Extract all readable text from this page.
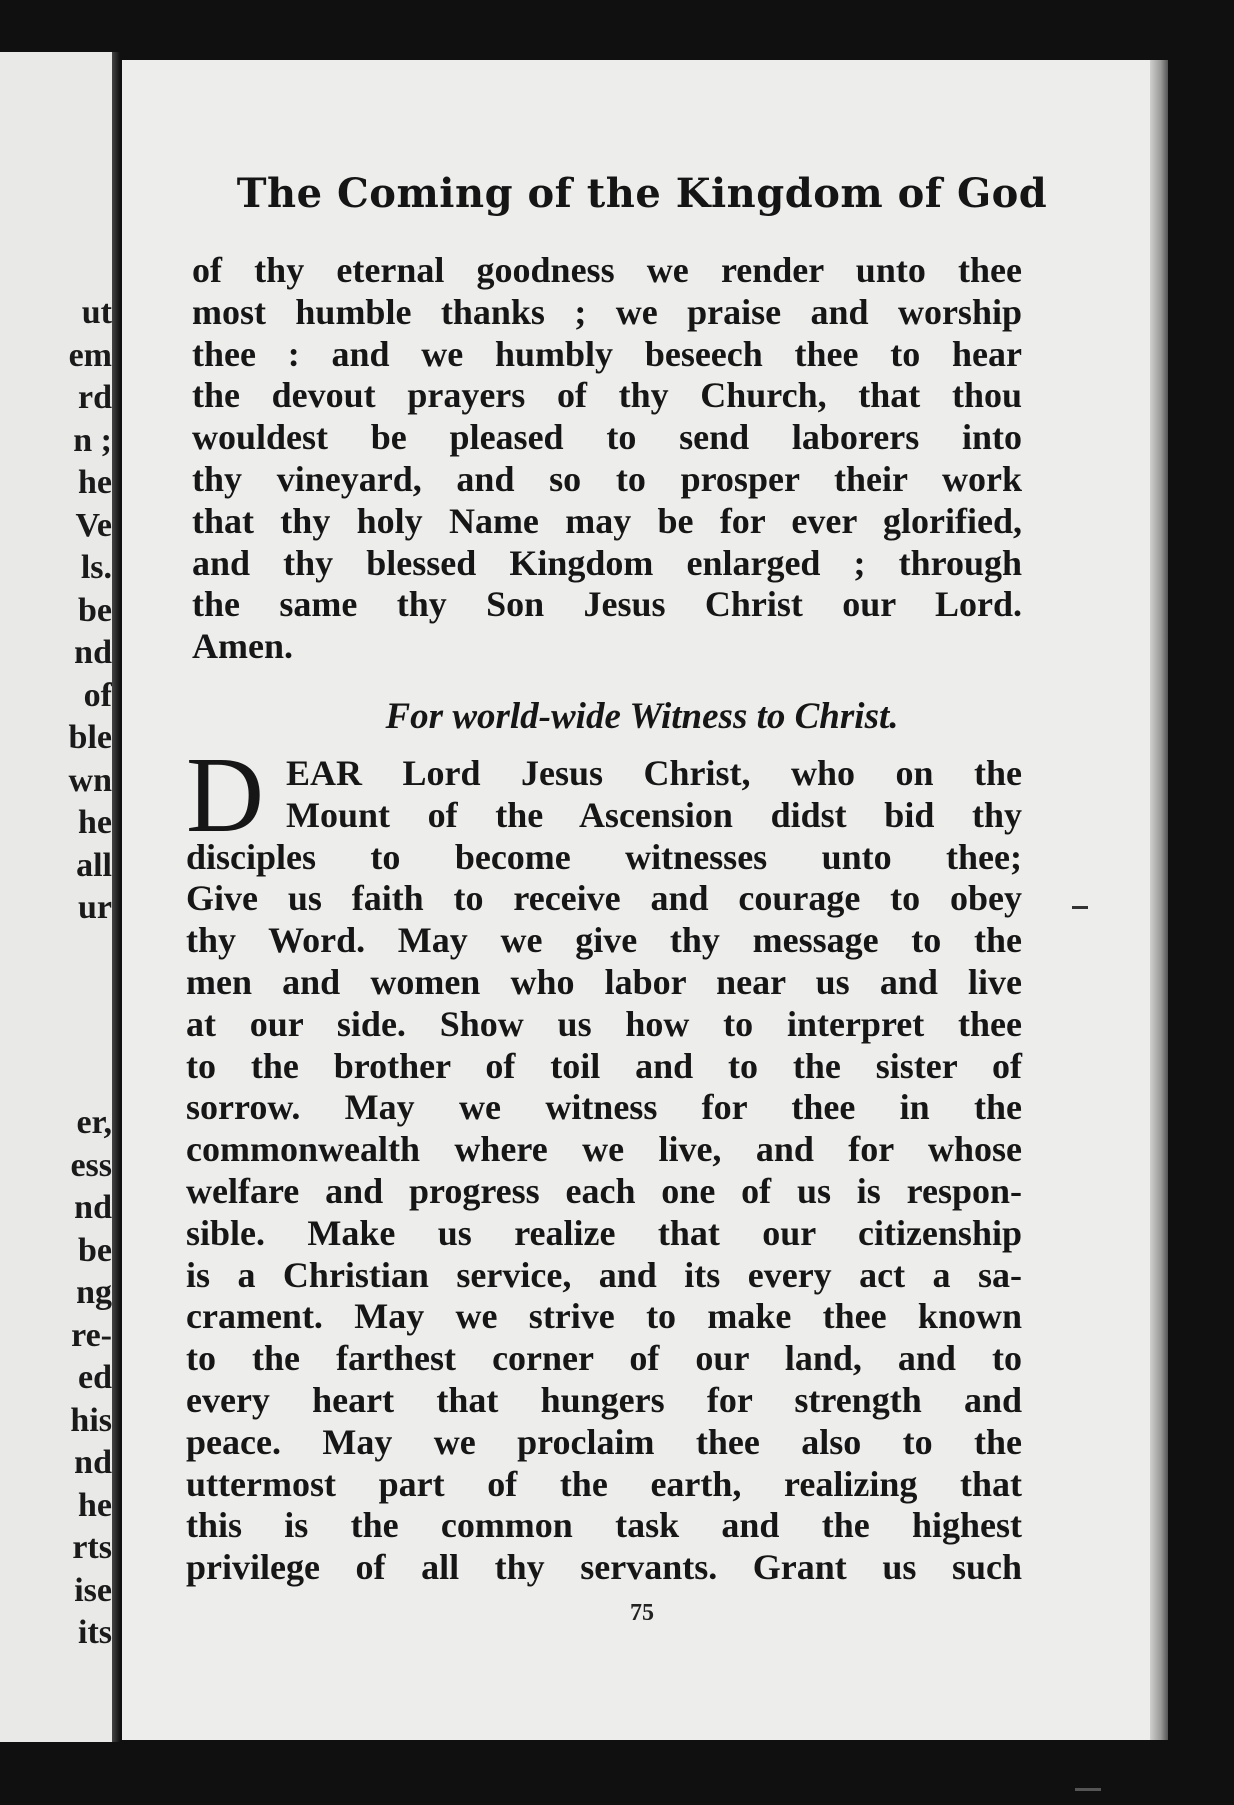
ut
em
rd
n ;
he
Ve
ls.
be
nd
of
ble
wn
he
all
ur
er,
ess
nd
be
ng
re-
ed
his
nd
he
rts
ise
its
The Coming of the Kingdom of God

of thy eternal goodness we render unto thee
most humble thanks ; we praise and worship
thee : and we humbly beseech thee to hear
the devout prayers of thy Church, that thou
wouldest be pleased to send laborers into
thy vineyard, and so to prosper their work
that thy holy Name may be for ever glorified,
and thy blessed Kingdom enlarged ; through
the same thy Son Jesus Christ our Lord.
Amen.

For world-wide Witness to Christ.
D EAR Lord Jesus Christ, who on the
Mount of the Ascension didst bid thy
disciples to become witnesses unto thee;
Give us faith to receive and courage to obey
thy Word. May we give thy message to the
men and women who labor near us and live
at our side. Show us how to interpret thee
to the brother of toil and to the sister of
sorrow. May we witness for thee in the
commonwealth where we live, and for whose
welfare and progress each one of us is respon-
sible. Make us realize that our citizenship
is a Christian service, and its every act a sa-
crament. May we strive to make thee known
to the farthest corner of our land, and to
every heart that hungers for strength and
peace. May we proclaim thee also to the
uttermost part of the earth, realizing that
this is the common task and the highest
privilege of all thy servants. Grant us such

75
